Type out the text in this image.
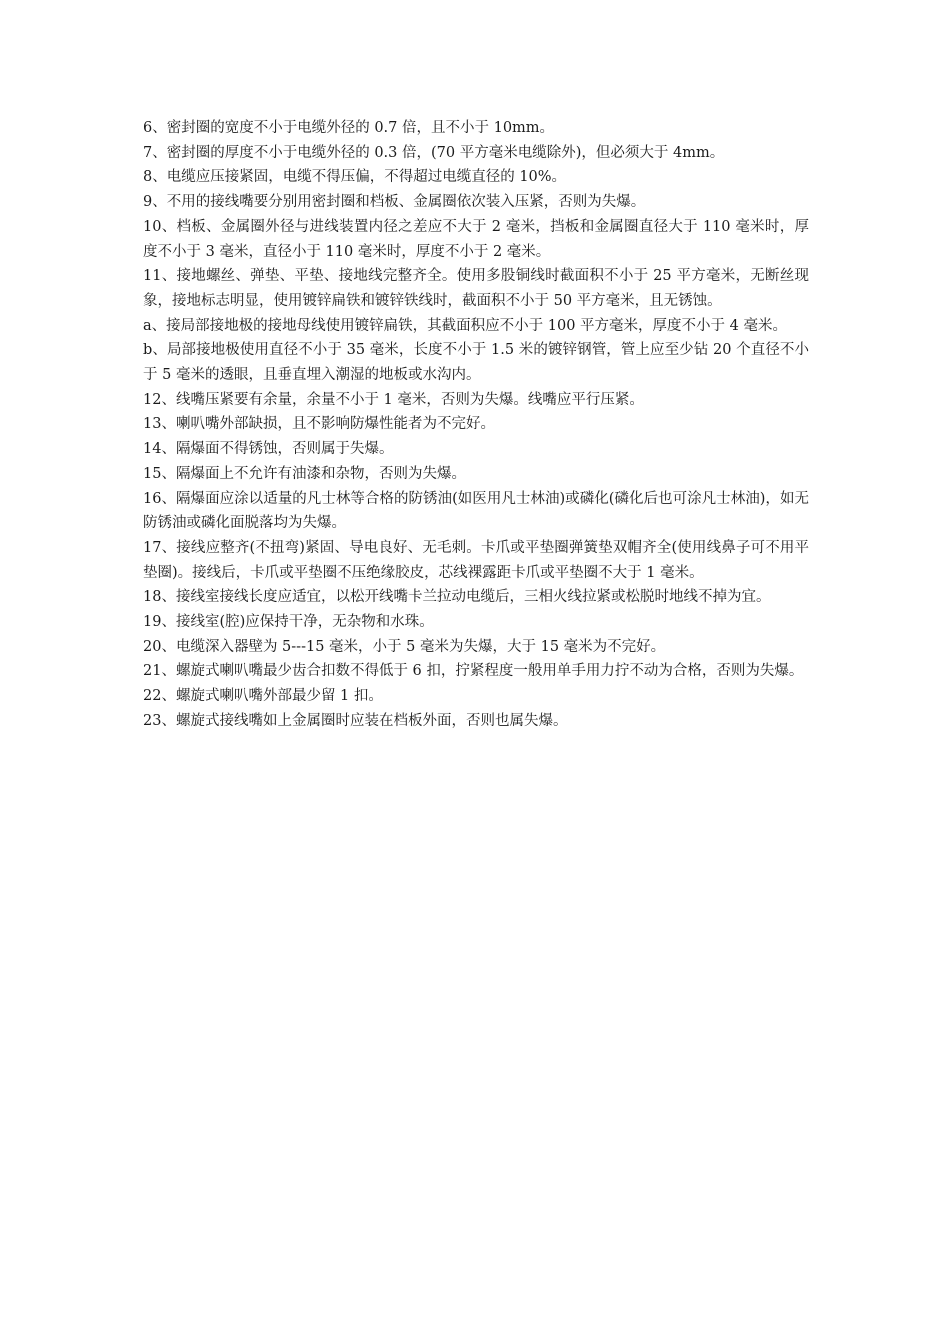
6、密封圈的宽度不小于电缆外径的 0.7 倍，且不小于 10mm。

7、密封圈的厚度不小于电缆外径的 0.3 倍，(70 平方毫米电缆除外)，但必须大于 4mm。

8、电缆应压接紧固，电缆不得压偏，不得超过电缆直径的 10%。

9、不用的接线嘴要分别用密封圈和档板、金属圈依次装入压紧，否则为失爆。

10、档板、金属圈外径与进线装置内径之差应不大于 2 毫米，挡板和金属圈直径大于 110 毫米时，厚度不小于 3 毫米，直径小于 110 毫米时，厚度不小于 2 毫米。

11、接地螺丝、弹垫、平垫、接地线完整齐全。使用多股铜线时截面积不小于 25 平方毫米，无断丝现象，接地标志明显，使用镀锌扁铁和镀锌铁线时，截面积不小于 50 平方毫米，且无锈蚀。

a、接局部接地极的接地母线使用镀锌扁铁，其截面积应不小于 100 平方毫米，厚度不小于 4 毫米。

b、局部接地极使用直径不小于 35 毫米，长度不小于 1.5 米的镀锌钢管，管上应至少钻 20 个直径不小于 5 毫米的透眼，且垂直埋入潮湿的地板或水沟内。

12、线嘴压紧要有余量，余量不小于 1 毫米，否则为失爆。线嘴应平行压紧。

13、喇叭嘴外部缺损，且不影响防爆性能者为不完好。

14、隔爆面不得锈蚀，否则属于失爆。

15、隔爆面上不允许有油漆和杂物，否则为失爆。

16、隔爆面应涂以适量的凡士林等合格的防锈油(如医用凡士林油)或磷化(磷化后也可涂凡士林油)，如无防锈油或磷化面脱落均为失爆。

17、接线应整齐(不扭弯)紧固、导电良好、无毛刺。卡爪或平垫圈弹簧垫双帽齐全(使用线鼻子可不用平垫圈)。接线后，卡爪或平垫圈不压绝缘胶皮，芯线裸露距卡爪或平垫圈不大于 1 毫米。

18、接线室接线长度应适宜，以松开线嘴卡兰拉动电缆后，三相火线拉紧或松脱时地线不掉为宜。

19、接线室(腔)应保持干净，无杂物和水珠。

20、电缆深入器壁为 5---15 毫米，小于 5 毫米为失爆，大于 15 毫米为不完好。

21、螺旋式喇叭嘴最少齿合扣数不得低于 6 扣，拧紧程度一般用单手用力拧不动为合格，否则为失爆。

22、螺旋式喇叭嘴外部最少留 1 扣。

23、螺旋式接线嘴如上金属圈时应装在档板外面，否则也属失爆。
